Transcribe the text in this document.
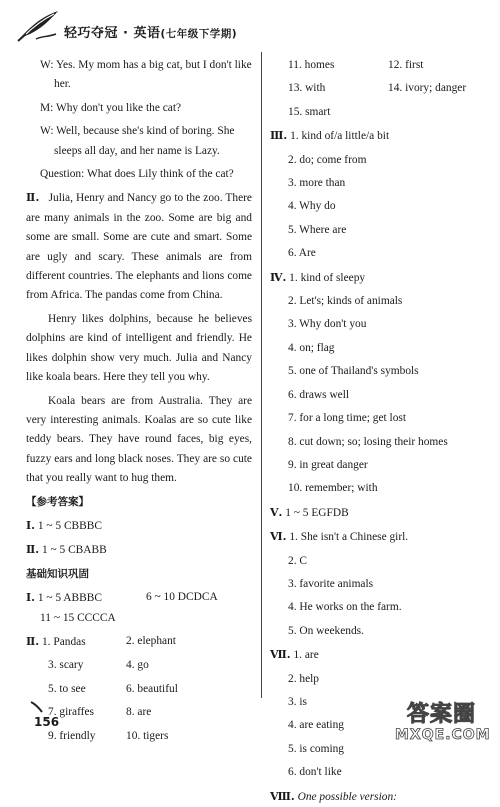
轻巧夺冠 · 英语(七年级下学期)
W: Yes. My mom has a big cat, but I don't like
her.
M: Why don't you like the cat?
W: Well, because she's kind of boring. She
sleeps all day, and her name is Lazy.
Question: What does Lily think of the cat?
Ⅱ. Julia, Henry and Nancy go to the zoo. There are many animals in the zoo. Some are big and some are small. Some are cute and smart. Some are ugly and scary. These animals are from different countries. The elephants and lions come from Africa. The pandas come from China.
Henry likes dolphins, because he believes dolphins are kind of intelligent and friendly. He likes dolphin show very much. Julia and Nancy like koala bears. Here they tell you why.
Koala bears are from Australia. They are very interesting animals. Koalas are so cute like teddy bears. They have round faces, big eyes, fuzzy ears and long black noses. They are so cute that you really want to hug them.
【参考答案】
Ⅰ. 1 ~ 5 CBBBC
Ⅱ. 1 ~ 5 CBABB
基础知识巩固
Ⅰ. 1 ~ 5 ABBBC	6 ~ 10 DCDCA
11 ~ 15 CCCCA
Ⅱ. 1. Pandas	2. elephant
3. scary	4. go
5. to see	6. beautiful
7. giraffes	8. are
9. friendly	10. tigers
11. homes	12. first
13. with	14. ivory; danger
15. smart
Ⅲ. 1. kind of/a little/a bit
2. do; come from
3. more than
4. Why do
5. Where are
6. Are
Ⅳ. 1. kind of sleepy
2. Let's; kinds of animals
3. Why don't you
4. on; flag
5. one of Thailand's symbols
6. draws well
7. for a long time; get lost
8. cut down; so; losing their homes
9. in great danger
10. remember; with
Ⅴ. 1 ~ 5 EGFDB
Ⅵ. 1. She isn't a Chinese girl.
2. C
3. favorite animals
4. He works on the farm.
5. On weekends.
Ⅶ. 1. are
2. help
3. is
4. are eating
5. is coming
6. don't like
Ⅷ. One possible version:
156	答案圈
MXQE.COM
